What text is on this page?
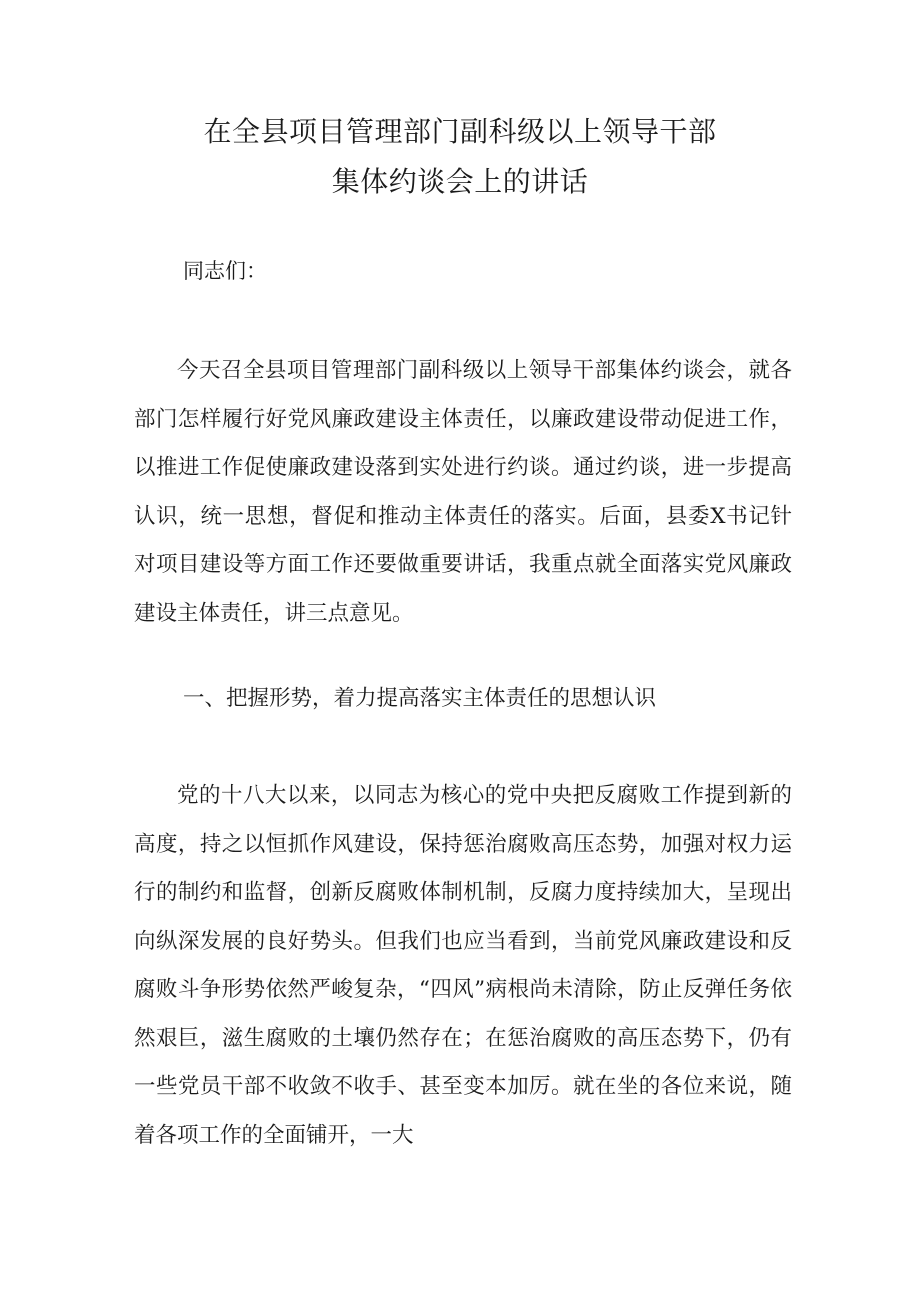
在全县项目管理部门副科级以上领导干部
集体约谈会上的讲话
同志们：
今天召全县项目管理部门副科级以上领导干部集体约谈会，就各部门怎样履行好党风廉政建设主体责任，以廉政建设带动促进工作，以推进工作促使廉政建设落到实处进行约谈。通过约谈，进一步提高认识，统一思想，督促和推动主体责任的落实。后面，县委X书记针对项目建设等方面工作还要做重要讲话，我重点就全面落实党风廉政建设主体责任，讲三点意见。
一、把握形势，着力提高落实主体责任的思想认识
党的十八大以来，以同志为核心的党中央把反腐败工作提到新的高度，持之以恒抓作风建设，保持惩治腐败高压态势，加强对权力运行的制约和监督，创新反腐败体制机制，反腐力度持续加大，呈现出向纵深发展的良好势头。但我们也应当看到，当前党风廉政建设和反腐败斗争形势依然严峻复杂，“四风”病根尚未清除，防止反弹任务依然艰巨，滋生腐败的土壤仍然存在；在惩治腐败的高压态势下，仍有一些党员干部不收敛不收手、甚至变本加厉。就在坐的各位来说，随着各项工作的全面铺开，一大
